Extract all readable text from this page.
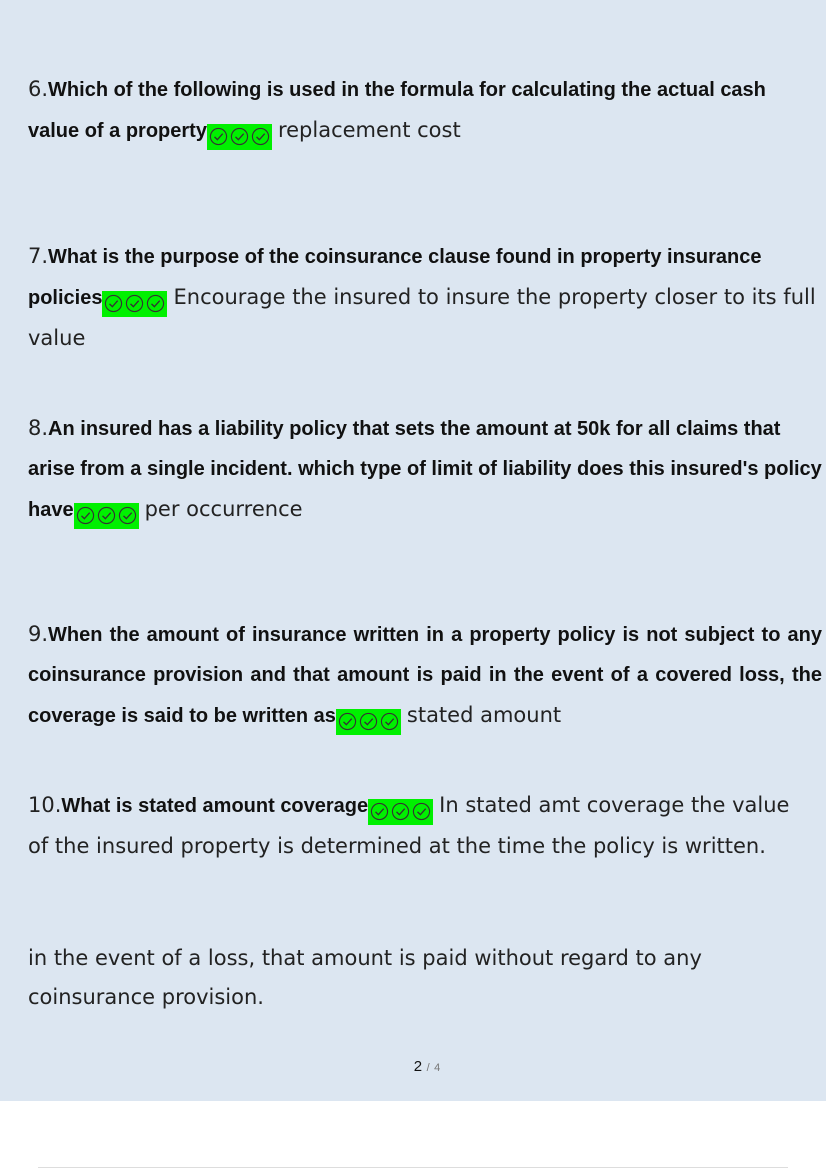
6.Which of the following is used in the formula for calculating the actual cash value of a property	replacement cost
7.What is the purpose of the coinsurance clause found in property insurance policies	Encourage the insured to insure the property closer to its full value
8.An insured has a liability policy that sets the amount at 50k for all claims that arise from a single incident. which type of limit of liability does this insured's policy have	per occurrence
9.When the amount of insurance written in a property policy is not subject to any coinsurance provision and that amount is paid in the event of a covered loss, the coverage is said to be written as	stated amount
10.What is stated amount coverage	In stated amt coverage the value of the insured property is determined at the time the policy is written.
in the event of a loss, that amount is paid without regard to any coinsurance provision.
2 / 4
